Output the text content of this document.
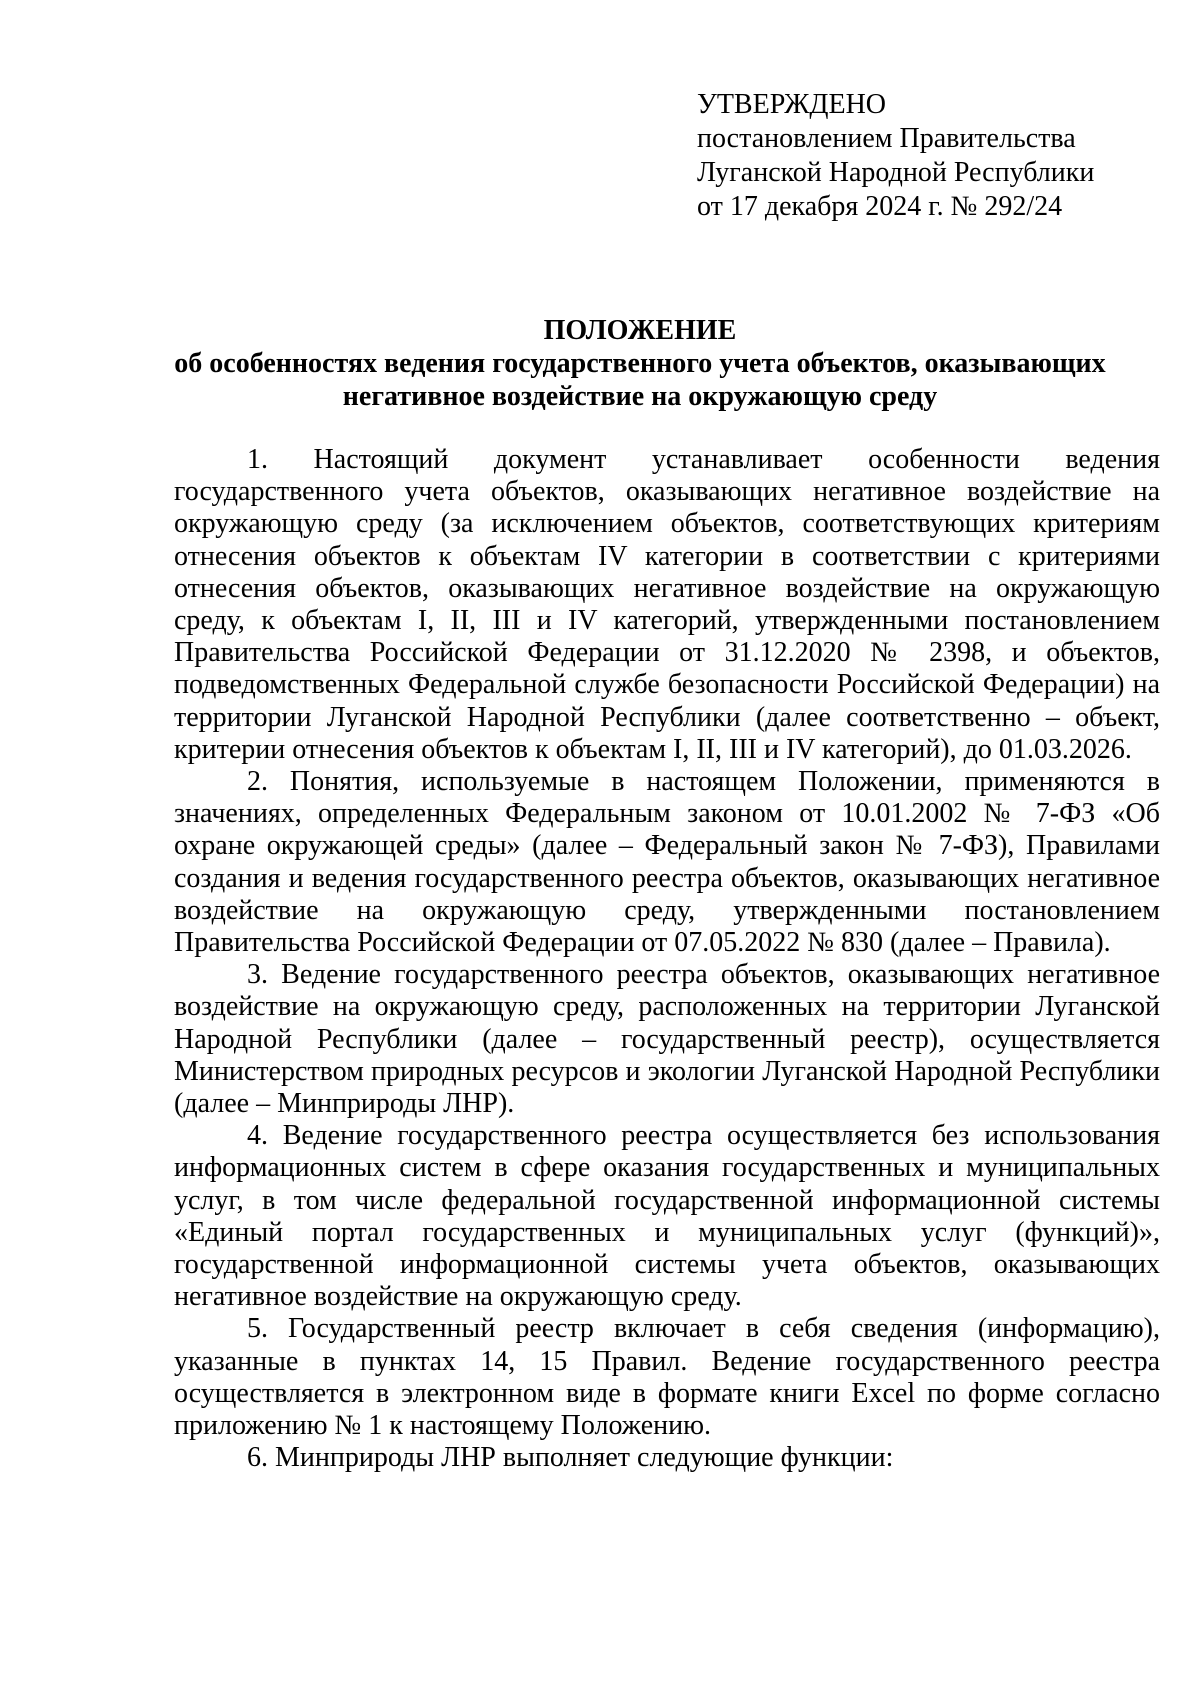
УТВЕРЖДЕНО
постановлением Правительства
Луганской Народной Республики
от 17 декабря 2024 г. № 292/24
ПОЛОЖЕНИЕ
об особенностях ведения государственного учета объектов, оказывающих
негативное воздействие на окружающую среду

1. Настоящий документ устанавливает особенности ведения государственного учета объектов, оказывающих негативное воздействие на окружающую среду (за исключением объектов, соответствующих критериям отнесения объектов к объектам IV категории в соответствии с критериями отнесения объектов, оказывающих негативное воздействие на окружающую среду, к объектам I, II, III и IV категорий, утвержденными постановлением Правительства Российской Федерации от 31.12.2020 № 2398, и объектов, подведомственных Федеральной службе безопасности Российской Федерации) на территории Луганской Народной Республики (далее соответственно – объект, критерии отнесения объектов к объектам I, II, III и IV категорий), до 01.03.2026.

2. Понятия, используемые в настоящем Положении, применяются в значениях, определенных Федеральным законом от 10.01.2002 № 7-ФЗ «Об охране окружающей среды» (далее – Федеральный закон № 7-ФЗ), Правилами создания и ведения государственного реестра объектов, оказывающих негативное воздействие на окружающую среду, утвержденными постановлением Правительства Российской Федерации от 07.05.2022 № 830 (далее – Правила).

3. Ведение государственного реестра объектов, оказывающих негативное воздействие на окружающую среду, расположенных на территории Луганской Народной Республики (далее – государственный реестр), осуществляется Министерством природных ресурсов и экологии Луганской Народной Республики (далее – Минприроды ЛНР).

4. Ведение государственного реестра осуществляется без использования информационных систем в сфере оказания государственных и муниципальных услуг, в том числе федеральной государственной информационной системы «Единый портал государственных и муниципальных услуг (функций)», государственной информационной системы учета объектов, оказывающих негативное воздействие на окружающую среду.

5. Государственный реестр включает в себя сведения (информацию), указанные в пунктах 14, 15 Правил. Ведение государственного реестра осуществляется в электронном виде в формате книги Excel по форме согласно приложению № 1 к настоящему Положению.

6. Минприроды ЛНР выполняет следующие функции:
